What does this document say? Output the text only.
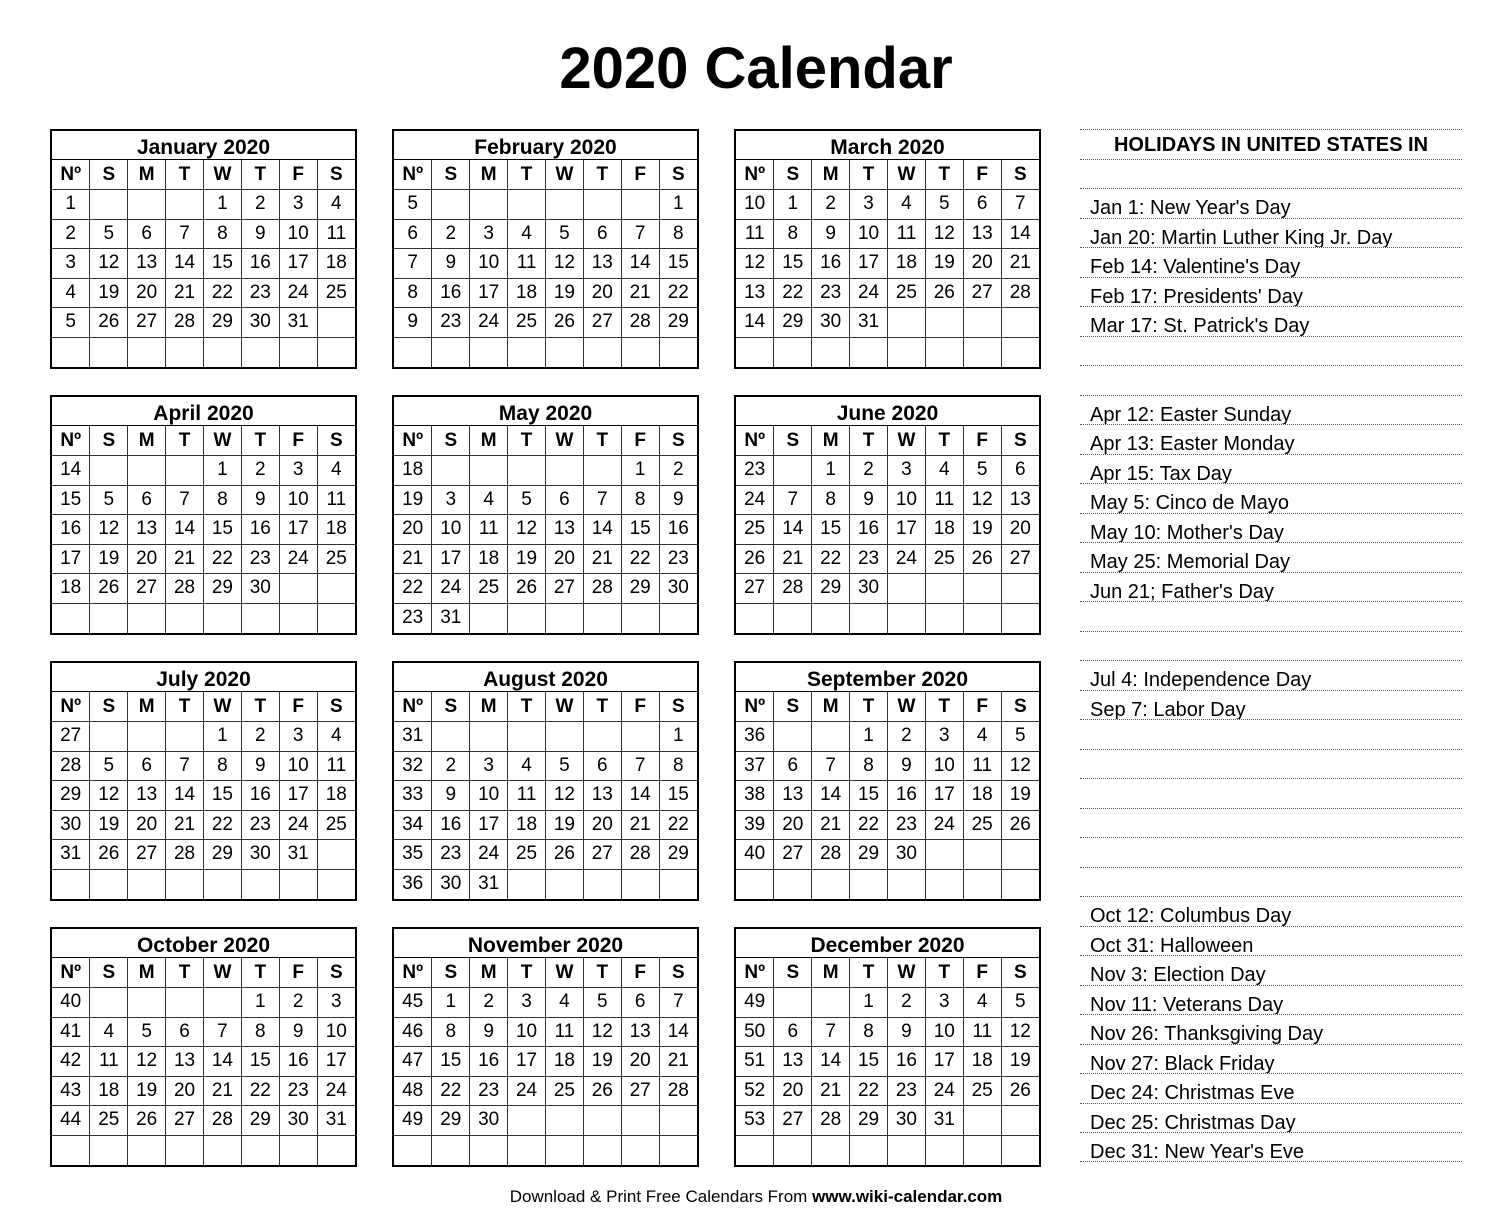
2020 Calendar
January 2020
Nº	S	M	T	W	T	F	S
1				1	2	3	4
2	5	6	7	8	9	10	11
3	12	13	14	15	16	17	18
4	19	20	21	22	23	24	25
5	26	27	28	29	30	31	

February 2020
Nº	S	M	T	W	T	F	S
5							1
6	2	3	4	5	6	7	8
7	9	10	11	12	13	14	15
8	16	17	18	19	20	21	22
9	23	24	25	26	27	28	29

March 2020
Nº	S	M	T	W	T	F	S
10	1	2	3	4	5	6	7
11	8	9	10	11	12	13	14
12	15	16	17	18	19	20	21
13	22	23	24	25	26	27	28
14	29	30	31				

April 2020
Nº	S	M	T	W	T	F	S
14				1	2	3	4
15	5	6	7	8	9	10	11
16	12	13	14	15	16	17	18
17	19	20	21	22	23	24	25
18	26	27	28	29	30		

May 2020
Nº	S	M	T	W	T	F	S
18						1	2
19	3	4	5	6	7	8	9
20	10	11	12	13	14	15	16
21	17	18	19	20	21	22	23
22	24	25	26	27	28	29	30
23	31						
June 2020
Nº	S	M	T	W	T	F	S
23		1	2	3	4	5	6
24	7	8	9	10	11	12	13
25	14	15	16	17	18	19	20
26	21	22	23	24	25	26	27
27	28	29	30				

July 2020
Nº	S	M	T	W	T	F	S
27				1	2	3	4
28	5	6	7	8	9	10	11
29	12	13	14	15	16	17	18
30	19	20	21	22	23	24	25
31	26	27	28	29	30	31	

August 2020
Nº	S	M	T	W	T	F	S
31							1
32	2	3	4	5	6	7	8
33	9	10	11	12	13	14	15
34	16	17	18	19	20	21	22
35	23	24	25	26	27	28	29
36	30	31					
September 2020
Nº	S	M	T	W	T	F	S
36			1	2	3	4	5
37	6	7	8	9	10	11	12
38	13	14	15	16	17	18	19
39	20	21	22	23	24	25	26
40	27	28	29	30			

October 2020
Nº	S	M	T	W	T	F	S
40					1	2	3
41	4	5	6	7	8	9	10
42	11	12	13	14	15	16	17
43	18	19	20	21	22	23	24
44	25	26	27	28	29	30	31

November 2020
Nº	S	M	T	W	T	F	S
45	1	2	3	4	5	6	7
46	8	9	10	11	12	13	14
47	15	16	17	18	19	20	21
48	22	23	24	25	26	27	28
49	29	30					

December 2020
Nº	S	M	T	W	T	F	S
49			1	2	3	4	5
50	6	7	8	9	10	11	12
51	13	14	15	16	17	18	19
52	20	21	22	23	24	25	26
53	27	28	29	30	31		

HOLIDAYS IN UNITED STATES IN
Jan 1: New Year's Day
Jan 20: Martin Luther King Jr. Day
Feb 14: Valentine's Day
Feb 17: Presidents' Day
Mar 17: St. Patrick's Day
Apr 12: Easter Sunday
Apr 13: Easter Monday
Apr 15: Tax Day
May 5: Cinco de Mayo
May 10: Mother's Day
May 25: Memorial Day
Jun 21; Father's Day
Jul 4: Independence Day
Sep 7: Labor Day
Oct 12: Columbus Day
Oct 31: Halloween
Nov 3: Election Day
Nov 11: Veterans Day
Nov 26: Thanksgiving Day
Nov 27: Black Friday
Dec 24: Christmas Eve
Dec 25: Christmas Day
Dec 31: New Year's Eve
Download & Print Free Calendars From www.wiki-calendar.com
